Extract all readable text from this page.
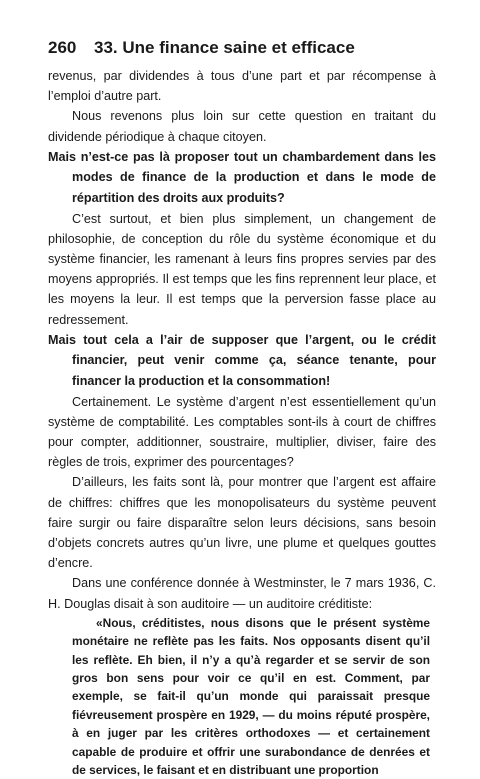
260	33. Une finance saine et efficace

revenus, par dividendes à tous d’une part et par récompense à l’emploi d’autre part.

Nous revenons plus loin sur cette question en traitant du dividende périodique à chaque citoyen.

Mais n’est-ce pas là proposer tout un chambardement dans les modes de finance de la production et dans le mode de répartition des droits aux produits?

C’est surtout, et bien plus simplement, un changement de philosophie, de conception du rôle du système économique et du système financier, les ramenant à leurs fins propres servies par des moyens appropriés. Il est temps que les fins reprennent leur place, et les moyens la leur. Il est temps que la perversion fasse place au redressement.

Mais tout cela a l’air de supposer que l’argent, ou le crédit financier, peut venir comme ça, séance tenante, pour financer la production et la consommation!

Certainement. Le système d’argent n’est essentiellement qu’un système de comptabilité. Les comptables sont-ils à court de chiffres pour compter, additionner, soustraire, multiplier, diviser, faire des règles de trois, exprimer des pourcentages?

D’ailleurs, les faits sont là, pour montrer que l’argent est affaire de chiffres: chiffres que les monopolisateurs du système peuvent faire surgir ou faire disparaître selon leurs décisions, sans besoin d’objets concrets autres qu’un livre, une plume et quelques gouttes d’encre.

Dans une conférence donnée à Westminster, le 7 mars 1936, C. H. Douglas disait à son auditoire — un auditoire créditiste:

«Nous, créditistes, nous disons que le présent système monétaire ne reflète pas les faits. Nos opposants disent qu’il les reflète. Eh bien, il n’y a qu’à regarder et se servir de son gros bon sens pour voir ce qu’il en est. Comment, par exemple, se fait-il qu’un monde qui paraissait presque fiévreusement prospère en 1929, — du moins réputé prospère, à en juger par les critères orthodoxes — et certainement capable de produire et offrir une surabondance de denrées et de services, le faisant et en distribuant une proportion
